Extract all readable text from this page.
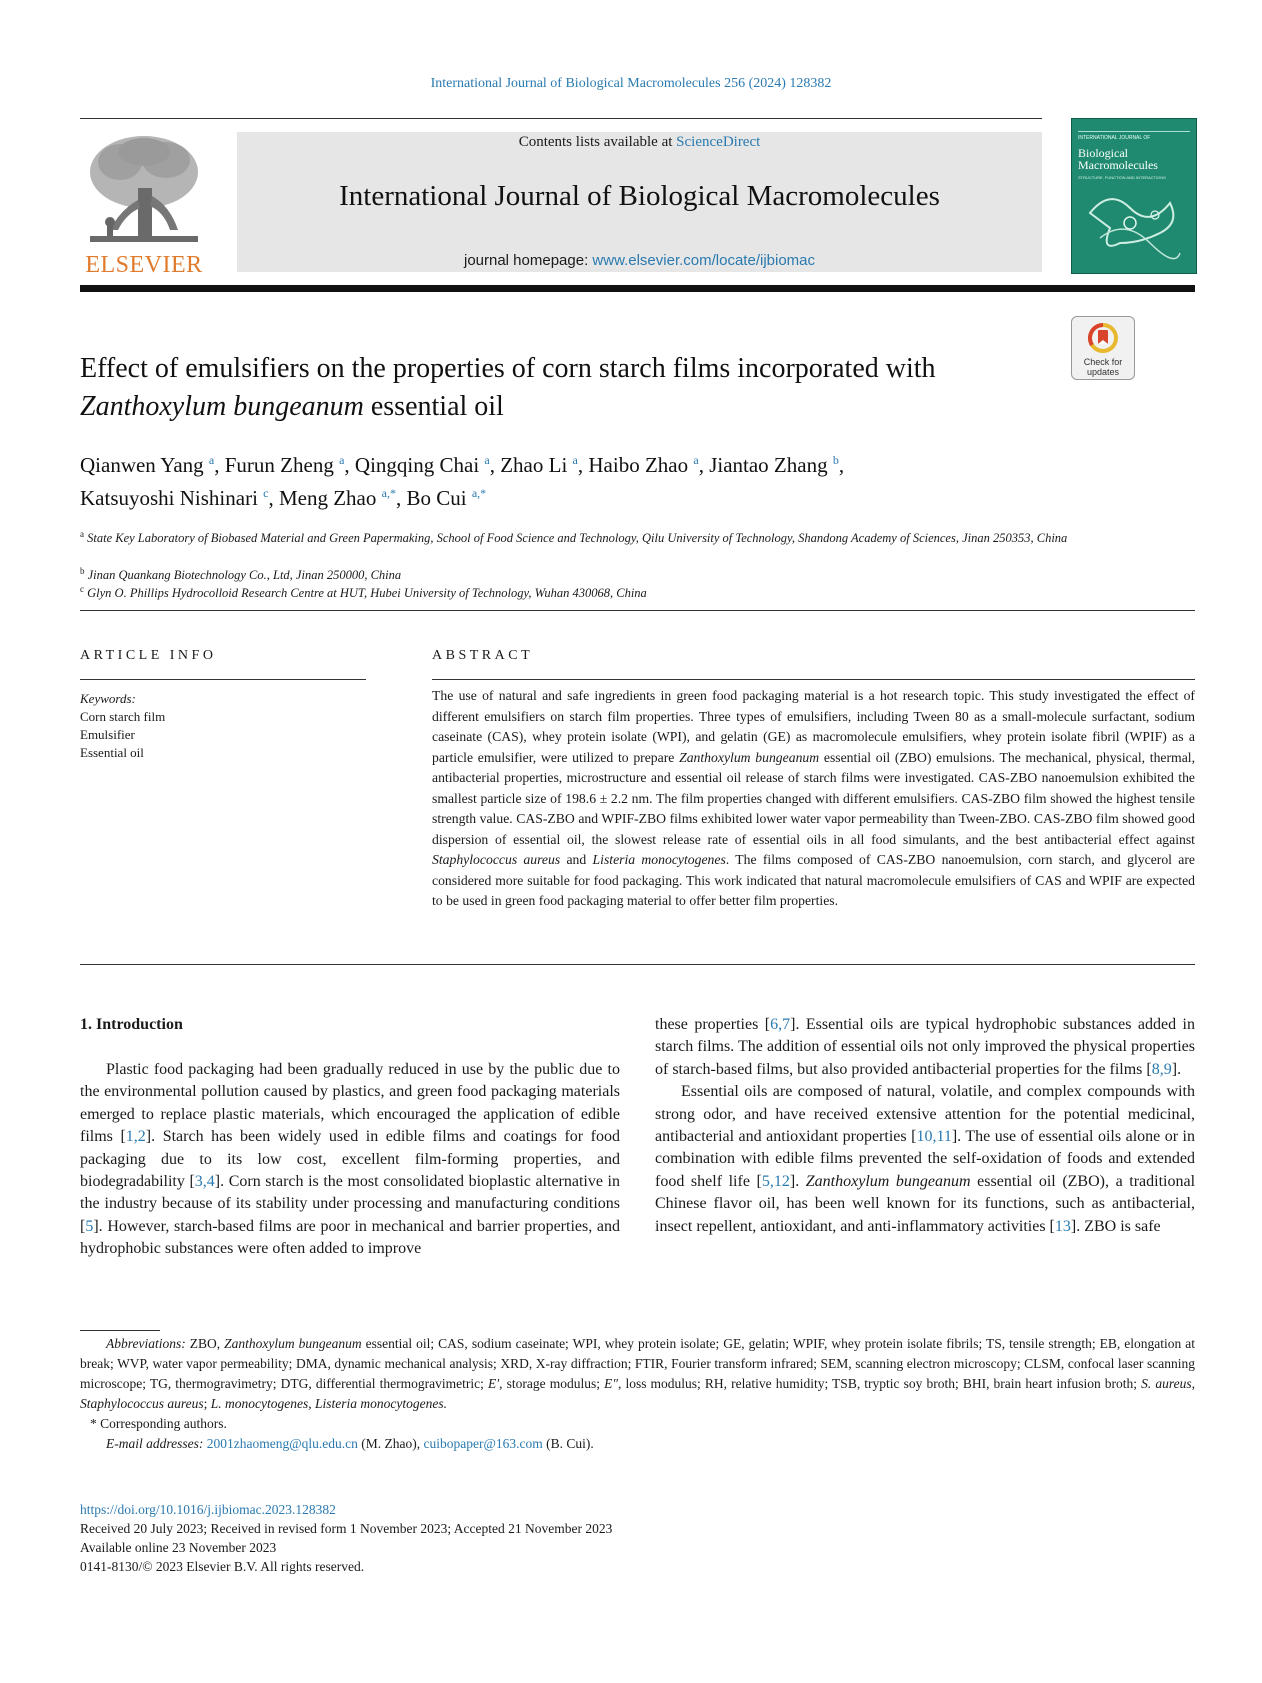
International Journal of Biological Macromolecules 256 (2024) 128382
ELSEVIER
Contents lists available at ScienceDirect
International Journal of Biological Macromolecules
journal homepage: www.elsevier.com/locate/ijbiomac
INTERNATIONAL JOURNAL OF
Biological
Macromolecules
STRUCTURE, FUNCTION AND INTERACTIONS
Check for
updates
Effect of emulsifiers on the properties of corn starch films incorporated with
Zanthoxylum bungeanum essential oil
Qianwen Yang $^a$, Furun Zheng $^a$, Qingqing Chai $^a$, Zhao Li $^a$, Haibo Zhao $^a$, Jiantao Zhang $^b$,
Katsuyoshi Nishinari $^c$, Meng Zhao $^{a,*}$, Bo Cui $^{a,*}$
$^a$ State Key Laboratory of Biobased Material and Green Papermaking, School of Food Science and Technology, Qilu University of Technology, Shandong Academy of Sciences, Jinan 250353, China
$^b$ Jinan Quankang Biotechnology Co., Ltd, Jinan 250000, China
$^c$ Glyn O. Phillips Hydrocolloid Research Centre at HUT, Hubei University of Technology, Wuhan 430068, China
ARTICLE INFO
Keywords:
Corn starch film
Emulsifier
Essential oil
ABSTRACT
The use of natural and safe ingredients in green food packaging material is a hot research topic. This study investigated the effect of different emulsifiers on starch film properties. Three types of emulsifiers, including Tween 80 as a small-molecule surfactant, sodium caseinate (CAS), whey protein isolate (WPI), and gelatin (GE) as macromolecule emulsifiers, whey protein isolate fibril (WPIF) as a particle emulsifier, were utilized to prepare Zanthoxylum bungeanum essential oil (ZBO) emulsions. The mechanical, physical, thermal, antibacterial properties, microstructure and essential oil release of starch films were investigated. CAS-ZBO nanoemulsion exhibited the smallest particle size of 198.6 ± 2.2 nm. The film properties changed with different emulsifiers. CAS-ZBO film showed the highest tensile strength value. CAS-ZBO and WPIF-ZBO films exhibited lower water vapor permeability than Tween-ZBO. CAS-ZBO film showed good dispersion of essential oil, the slowest release rate of essential oils in all food simulants, and the best antibacterial effect against Staphylococcus aureus and Listeria monocytogenes. The films composed of CAS-ZBO nanoemulsion, corn starch, and glycerol are considered more suitable for food packaging. This work indicated that natural macromolecule emulsifiers of CAS and WPIF are expected to be used in green food packaging material to offer better film properties.
1. Introduction

Plastic food packaging had been gradually reduced in use by the public due to the environmental pollution caused by plastics, and green food packaging materials emerged to replace plastic materials, which encouraged the application of edible films [1,2]. Starch has been widely used in edible films and coatings for food packaging due to its low cost, excellent film-forming properties, and biodegradability [3,4]. Corn starch is the most consolidated bioplastic alternative in the industry because of its stability under processing and manufacturing conditions [5]. However, starch-based films are poor in mechanical and barrier properties, and hydrophobic substances were often added to improve

these properties [6,7]. Essential oils are typical hydrophobic substances added in starch films. The addition of essential oils not only improved the physical properties of starch-based films, but also provided antibacterial properties for the films [8,9].

Essential oils are composed of natural, volatile, and complex compounds with strong odor, and have received extensive attention for the potential medicinal, antibacterial and antioxidant properties [10,11]. The use of essential oils alone or in combination with edible films prevented the self-oxidation of foods and extended food shelf life [5,12]. Zanthoxylum bungeanum essential oil (ZBO), a traditional Chinese flavor oil, has been well known for its functions, such as antibacterial, insect repellent, antioxidant, and anti-inflammatory activities [13]. ZBO is safe

Abbreviations: ZBO, Zanthoxylum bungeanum essential oil; CAS, sodium caseinate; WPI, whey protein isolate; GE, gelatin; WPIF, whey protein isolate fibrils; TS, tensile strength; EB, elongation at break; WVP, water vapor permeability; DMA, dynamic mechanical analysis; XRD, X-ray diffraction; FTIR, Fourier transform infrared; SEM, scanning electron microscopy; CLSM, confocal laser scanning microscope; TG, thermogravimetry; DTG, differential thermogravimetric; E′, storage modulus; E″, loss modulus; RH, relative humidity; TSB, tryptic soy broth; BHI, brain heart infusion broth; S. aureus, Staphylococcus aureus; L. monocytogenes, Listeria monocytogenes.

* Corresponding authors.

E-mail addresses: 2001zhaomeng@qlu.edu.cn (M. Zhao), cuibopaper@163.com (B. Cui).

https://doi.org/10.1016/j.ijbiomac.2023.128382
Received 20 July 2023; Received in revised form 1 November 2023; Accepted 21 November 2023
Available online 23 November 2023
0141-8130/© 2023 Elsevier B.V. All rights reserved.
